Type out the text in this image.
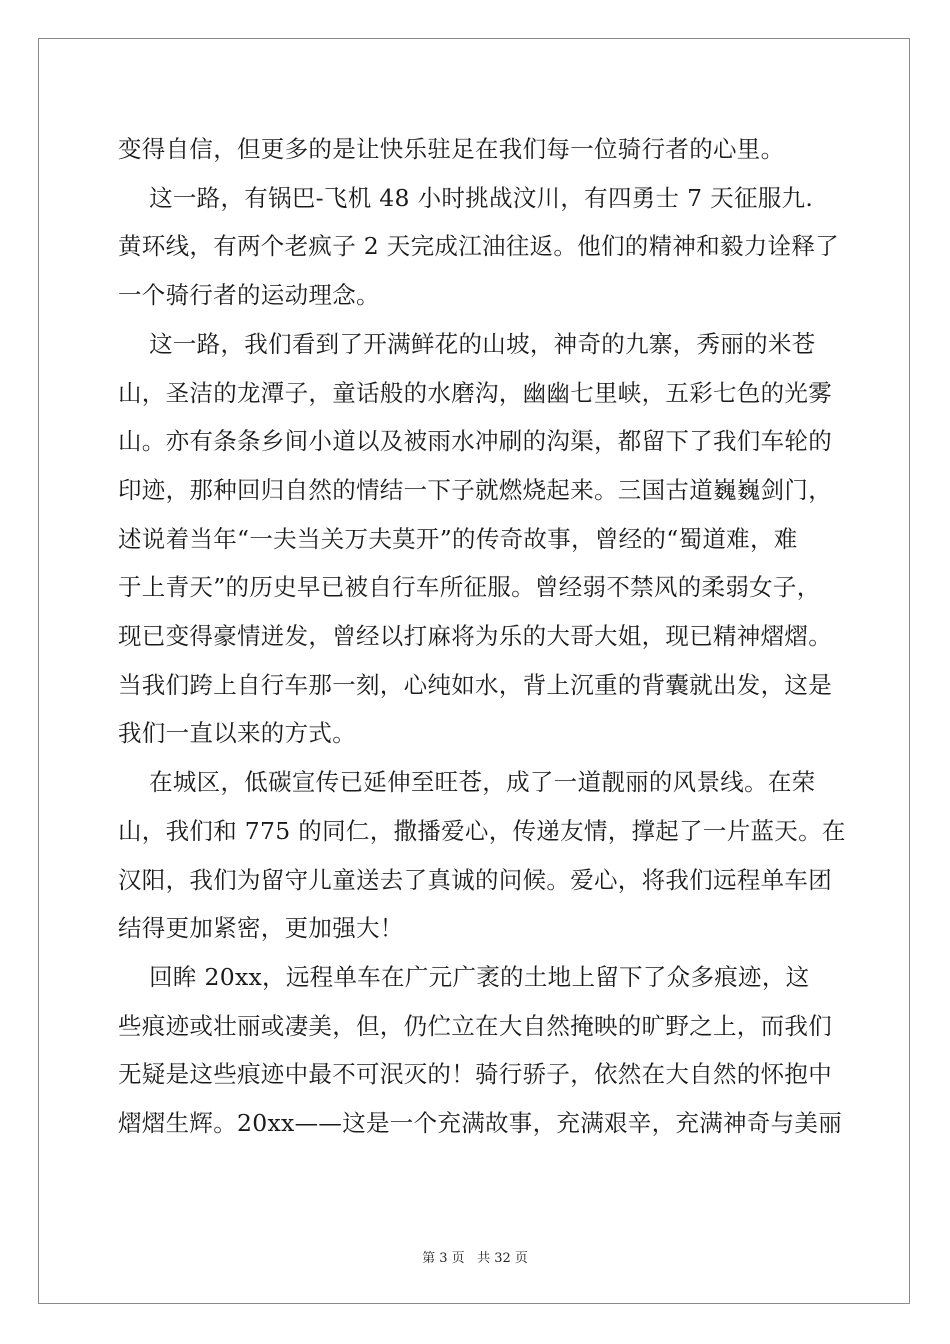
变得自信，但更多的是让快乐驻足在我们每一位骑行者的心里。
这一路，有锅巴-飞机 48 小时挑战汶川，有四勇士 7 天征服九.
黄环线，有两个老疯子 2 天完成江油往返。他们的精神和毅力诠释了
一个骑行者的运动理念。
这一路，我们看到了开满鲜花的山坡，神奇的九寨，秀丽的米苍
山，圣洁的龙潭子，童话般的水磨沟，幽幽七里峡，五彩七色的光雾
山。亦有条条乡间小道以及被雨水冲刷的沟渠，都留下了我们车轮的
印迹，那种回归自然的情结一下子就燃烧起来。三国古道巍巍剑门，
述说着当年“一夫当关万夫莫开”的传奇故事，曾经的“蜀道难，难
于上青天”的历史早已被自行车所征服。曾经弱不禁风的柔弱女子，
现已变得豪情迸发，曾经以打麻将为乐的大哥大姐，现已精神熠熠。
当我们跨上自行车那一刻，心纯如水，背上沉重的背囊就出发，这是
我们一直以来的方式。
在城区，低碳宣传已延伸至旺苍，成了一道靓丽的风景线。在荣
山，我们和 775 的同仁，撒播爱心，传递友情，撑起了一片蓝天。在
汉阳，我们为留守儿童送去了真诚的问候。爱心，将我们远程单车团
结得更加紧密，更加强大！
回眸 20xx，远程单车在广元广袤的土地上留下了众多痕迹，这
些痕迹或壮丽或凄美，但，仍伫立在大自然掩映的旷野之上，而我们
无疑是这些痕迹中最不可泯灭的！骑行骄子，依然在大自然的怀抱中
熠熠生辉。20xx——这是一个充满故事，充满艰辛，充满神奇与美丽
第 3 页 共 32 页
